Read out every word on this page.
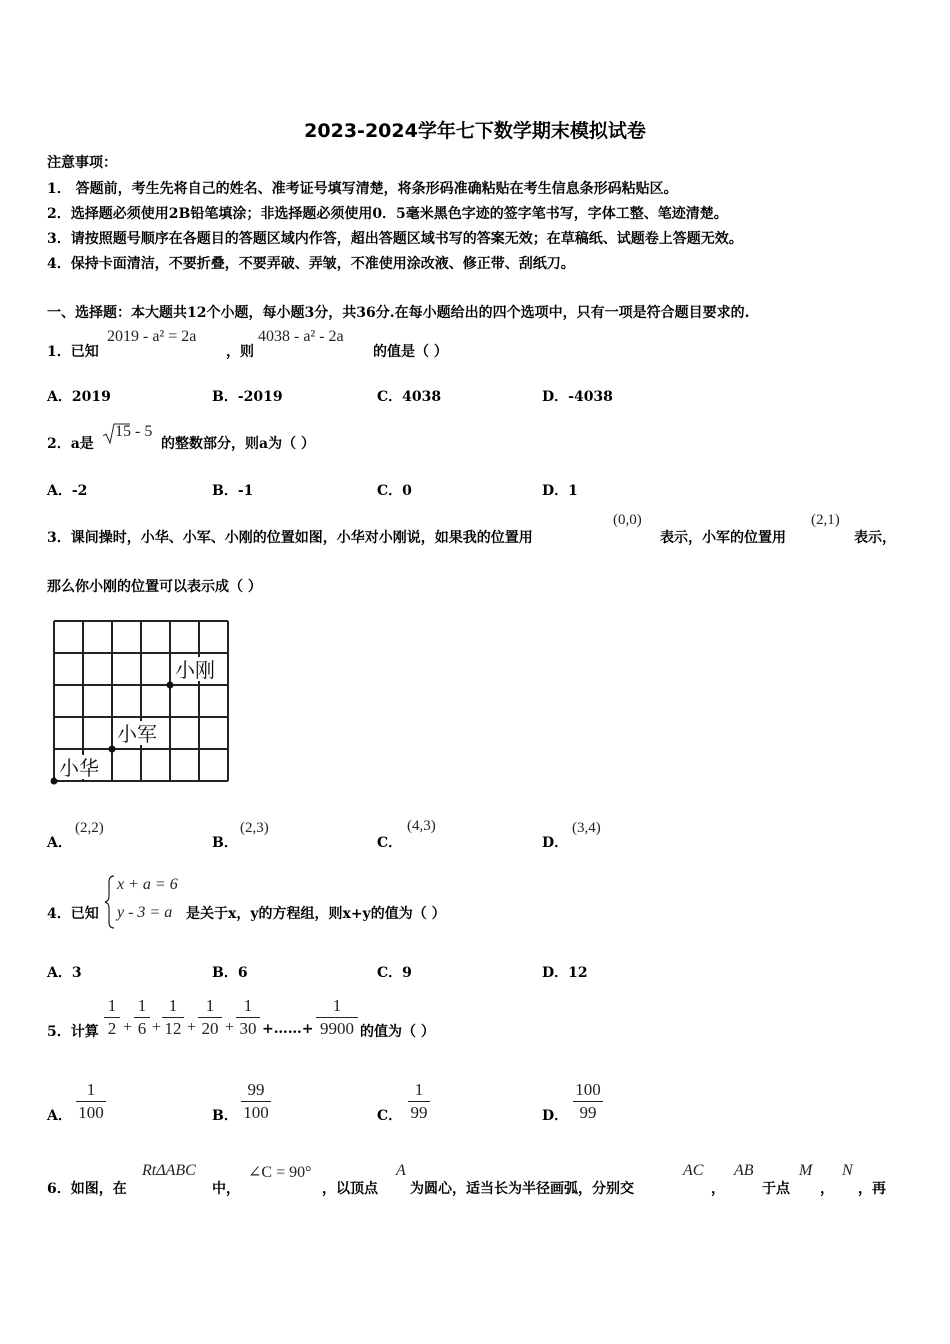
2023-2024学年七下数学期末模拟试卷
注意事项：
1． 答题前，考生先将自己的姓名、准考证号填写清楚，将条形码准确粘贴在考生信息条形码粘贴区。
2．选择题必须使用2B铅笔填涂；非选择题必须使用0．5毫米黑色字迹的签字笔书写，字体工整、笔迹清楚。
3．请按照题号顺序在各题目的答题区域内作答，超出答题区域书写的答案无效；在草稿纸、试题卷上答题无效。
4．保持卡面清洁，不要折叠，不要弄破、弄皱，不准使用涂改液、修正带、刮纸刀。
一、选择题：本大题共12个小题，每小题3分，共36分.在每小题给出的四个选项中，只有一项是符合题目要求的.
1．已知
2019 - a² = 2a
，则
4038 - a² - 2a
的值是（ ）
A．2019	B．-2019	C．4038	D．-4038
2．a是
15 - 5
的整数部分，则a为（ ）
A．-2	B．-1	C．0	D．1
3．课间操时，小华、小军、小刚的位置如图，小华对小刚说，如果我的位置用
(0,0)
表示，小军的位置用
(2,1)
表示，
那么你小刚的位置可以表示成（ ）
小刚
小军
小华
A．
(2,2)
B．
(2,3)
C．
(4,3)
D．
(3,4)
4．已知
x + a = 6
y - 3 = a 是关于x，y的方程组，则x+y的值为（ ）
A．3	B．6	C．9	D．12
5．计算
1
2 +
1
6 +
1
12 +
1
20 +
1
30 +……+
1
9900 的值为（ ）
A．
1
100	B．
99
100	C．
1
99	D．
100
99
6．如图，在
RtΔABC
中，
∠C = 90°
，以顶点
A
为圆心，适当长为半径画弧，分别交
AC
，
AB
于点
M
，
N
，再
